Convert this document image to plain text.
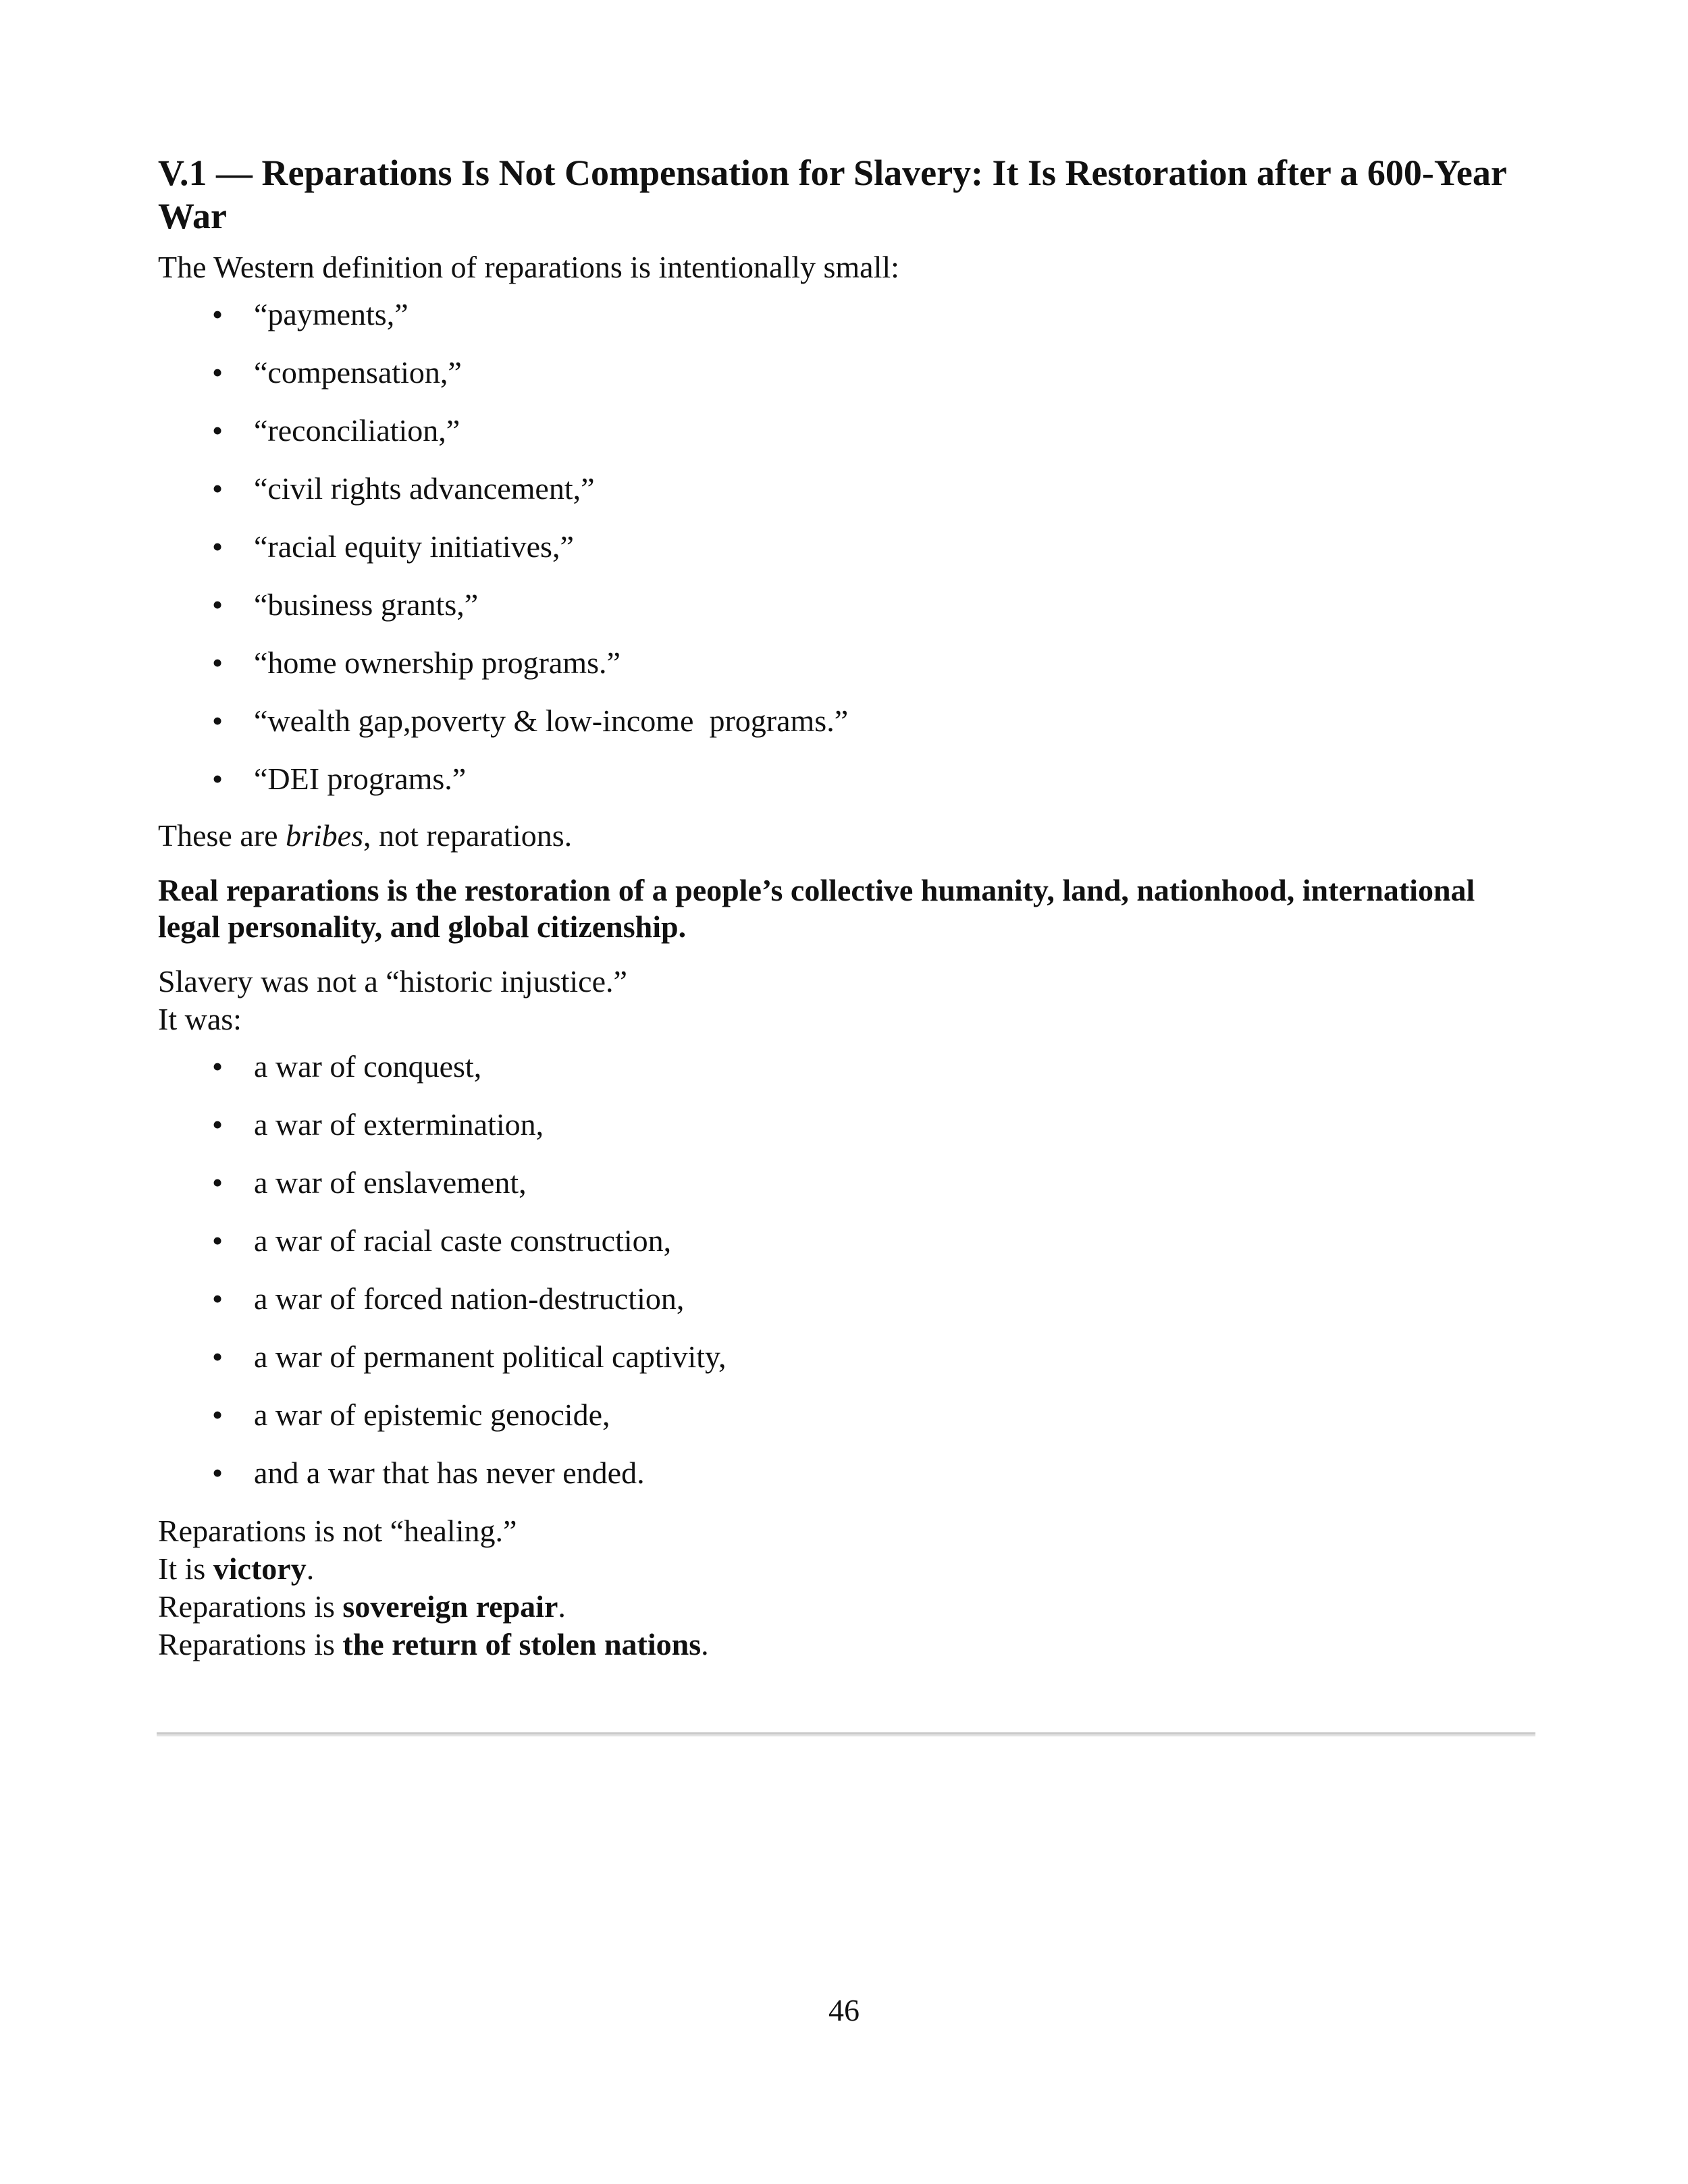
V.1 — Reparations Is Not Compensation for Slavery: It Is Restoration after a 600-Year War

The Western definition of reparations is intentionally small:

• “payments,”
• “compensation,”
• “reconciliation,”
• “civil rights advancement,”
• “racial equity initiatives,”
• “business grants,”
• “home ownership programs.”
• “wealth gap,poverty & low-income  programs.”
• “DEI programs.”

These are bribes, not reparations.

Real reparations is the restoration of a people’s collective humanity, land, nationhood, international legal personality, and global citizenship.

Slavery was not a “historic injustice.”

It was:

• a war of conquest,
• a war of extermination,
• a war of enslavement,
• a war of racial caste construction,
• a war of forced nation-destruction,
• a war of permanent political captivity,
• a war of epistemic genocide,
• and a war that has never ended.

Reparations is not “healing.”

It is victory.

Reparations is sovereign repair.

Reparations is the return of stolen nations.

46
